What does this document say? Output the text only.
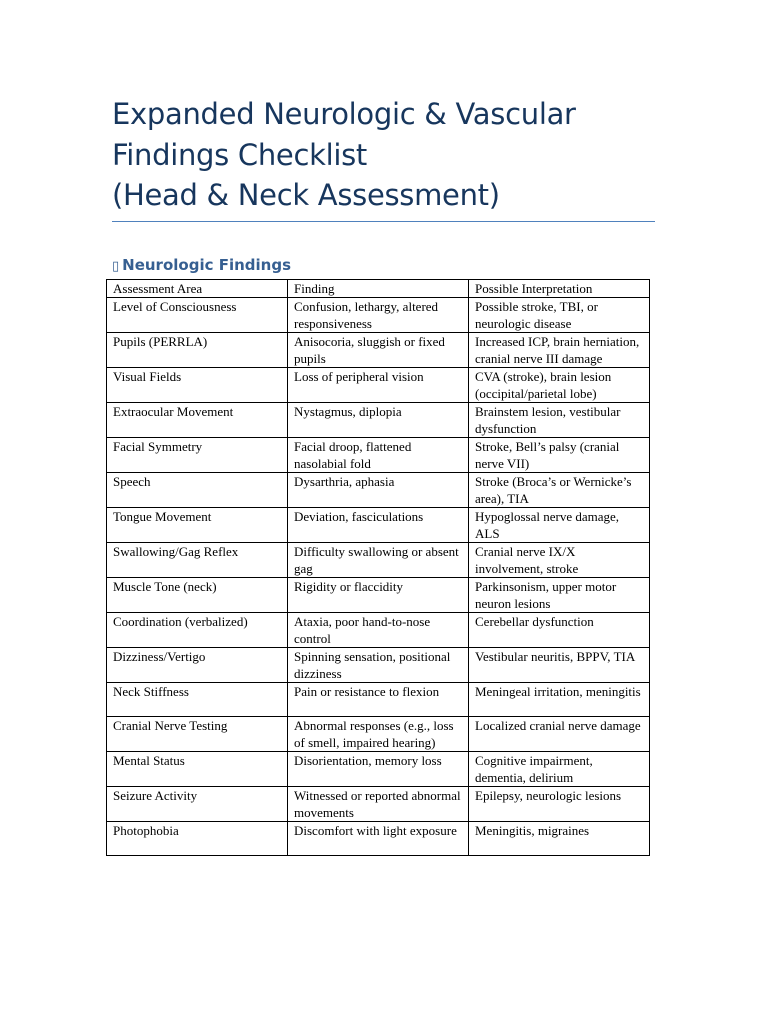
Expanded Neurologic & Vascular
Findings Checklist
(Head & Neck Assessment)
▯ Neurologic Findings
Assessment Area	Finding	Possible Interpretation
Level of Consciousness	Confusion, lethargy, altered responsiveness	Possible stroke, TBI, or neurologic disease
Pupils (PERRLA)	Anisocoria, sluggish or fixed pupils	Increased ICP, brain herniation, cranial nerve III damage
Visual Fields	Loss of peripheral vision	CVA (stroke), brain lesion (occipital/parietal lobe)
Extraocular Movement	Nystagmus, diplopia	Brainstem lesion, vestibular dysfunction
Facial Symmetry	Facial droop, flattened nasolabial fold	Stroke, Bell’s palsy (cranial nerve VII)
Speech	Dysarthria, aphasia	Stroke (Broca’s or Wernicke’s area), TIA
Tongue Movement	Deviation, fasciculations	Hypoglossal nerve damage, ALS
Swallowing/Gag Reflex	Difficulty swallowing or absent gag	Cranial nerve IX/X involvement, stroke
Muscle Tone (neck)	Rigidity or flaccidity	Parkinsonism, upper motor neuron lesions
Coordination (verbalized)	Ataxia, poor hand-to-nose control	Cerebellar dysfunction
Dizziness/Vertigo	Spinning sensation, positional dizziness	Vestibular neuritis, BPPV, TIA
Neck Stiffness	Pain or resistance to flexion	Meningeal irritation, meningitis
Cranial Nerve Testing	Abnormal responses (e.g., loss of smell, impaired hearing)	Localized cranial nerve damage
Mental Status	Disorientation, memory loss	Cognitive impairment, dementia, delirium
Seizure Activity	Witnessed or reported abnormal movements	Epilepsy, neurologic lesions
Photophobia	Discomfort with light exposure	Meningitis, migraines
